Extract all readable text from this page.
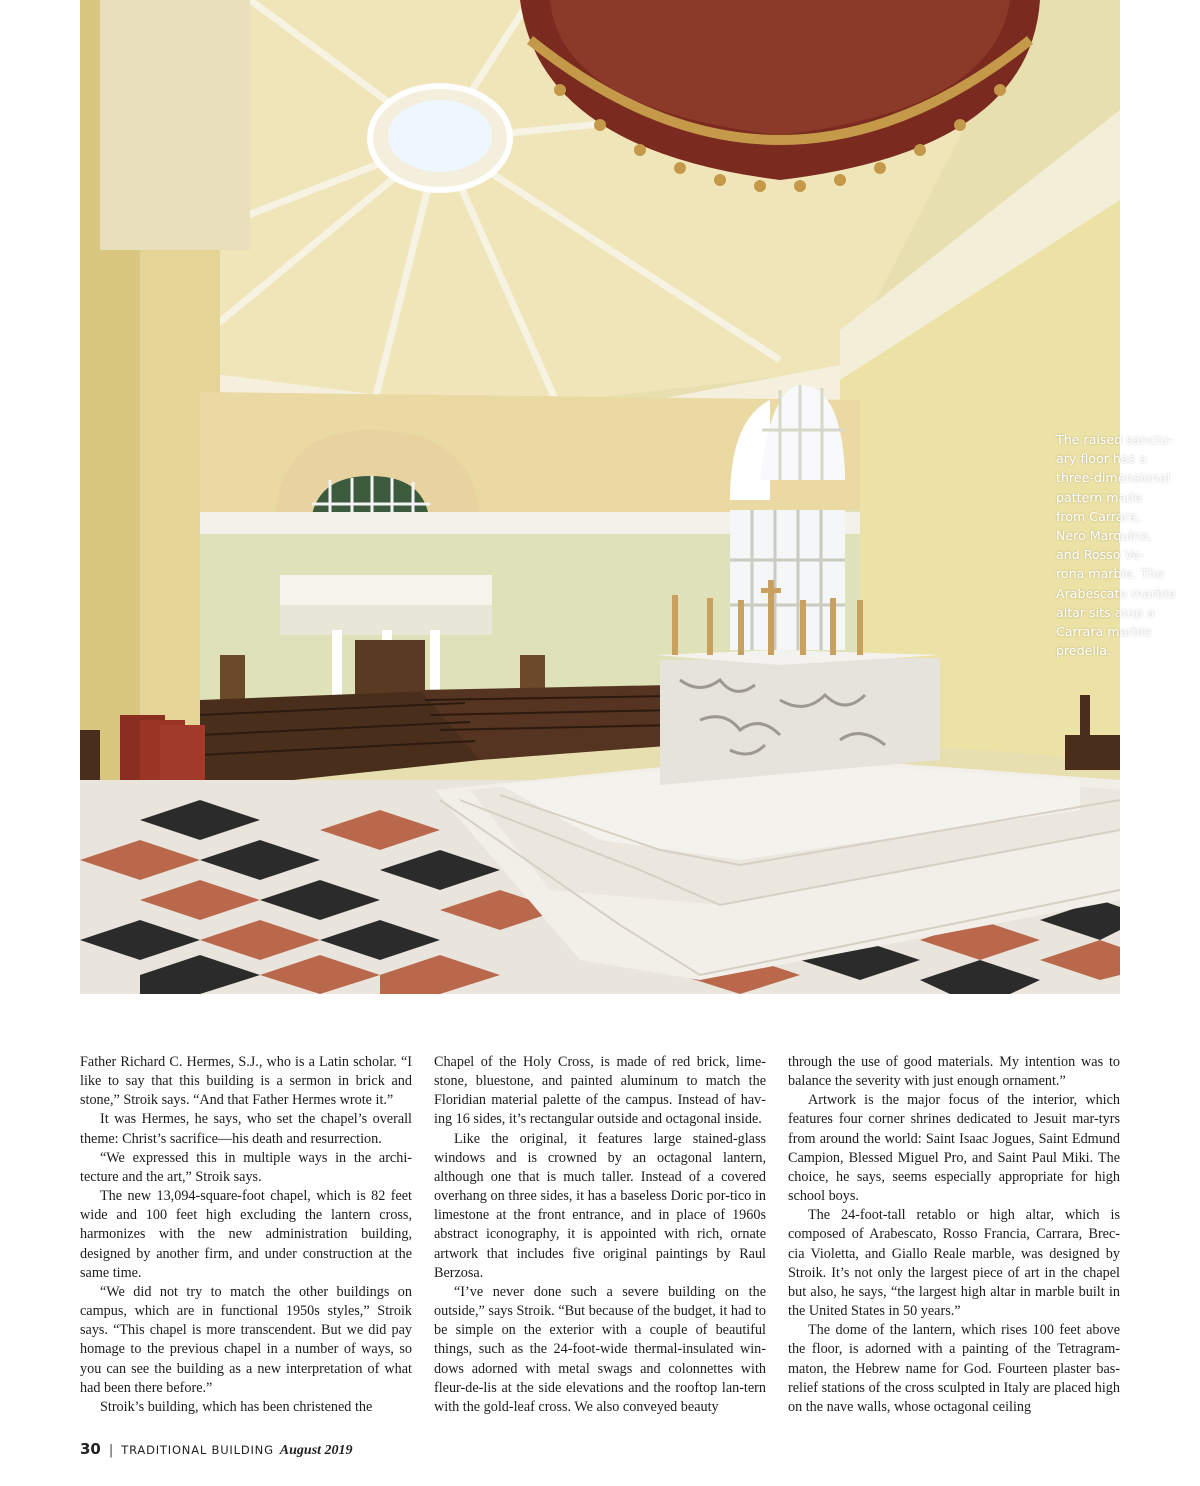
The raised sanctu-
ary floor has a
three-dimensional
pattern made
from Carrara,
Nero Marquina,
and Rosso Ve-
rona marble. The
Arabescato marble
altar sits atop a
Carrara marble
predella.

Father Richard C. Hermes, S.J., who is a Latin scholar. “I like to say that this building is a sermon in brick and stone,” Stroik says. “And that Father Hermes wrote it.”

It was Hermes, he says, who set the chapel’s overall theme: Christ’s sacrifice—his death and resurrection.

“We expressed this in multiple ways in the archi-tecture and the art,” Stroik says.

The new 13,094-square-foot chapel, which is 82 feet wide and 100 feet high excluding the lantern cross, harmonizes with the new administration building, designed by another firm, and under construction at the same time.

“We did not try to match the other buildings on campus, which are in functional 1950s styles,” Stroik says. “This chapel is more transcendent. But we did pay homage to the previous chapel in a number of ways, so you can see the building as a new interpretation of what had been there before.”

Stroik’s building, which has been christened the

Chapel of the Holy Cross, is made of red brick, lime-stone, bluestone, and painted aluminum to match the Floridian material palette of the campus. Instead of hav-ing 16 sides, it’s rectangular outside and octagonal inside.

Like the original, it features large stained-glass windows and is crowned by an octagonal lantern, although one that is much taller. Instead of a covered overhang on three sides, it has a baseless Doric por-tico in limestone at the front entrance, and in place of 1960s abstract iconography, it is appointed with rich, ornate artwork that includes five original paintings by Raul Berzosa.

“I’ve never done such a severe building on the outside,” says Stroik. “But because of the budget, it had to be simple on the exterior with a couple of beautiful things, such as the 24-foot-wide thermal-insulated win-dows adorned with metal swags and colonnettes with fleur-de-lis at the side elevations and the rooftop lan-tern with the gold-leaf cross. We also conveyed beauty

through the use of good materials. My intention was to balance the severity with just enough ornament.”

Artwork is the major focus of the interior, which features four corner shrines dedicated to Jesuit mar-tyrs from around the world: Saint Isaac Jogues, Saint Edmund Campion, Blessed Miguel Pro, and Saint Paul Miki. The choice, he says, seems especially appropriate for high school boys.

The 24-foot-tall retablo or high altar, which is composed of Arabescato, Rosso Francia, Carrara, Brec-cia Violetta, and Giallo Reale marble, was designed by Stroik. It’s not only the largest piece of art in the chapel but also, he says, “the largest high altar in marble built in the United States in 50 years.”

The dome of the lantern, which rises 100 feet above the floor, is adorned with a painting of the Tetragram-maton, the Hebrew name for God. Fourteen plaster bas-relief stations of the cross sculpted in Italy are placed high on the nave walls, whose octagonal ceiling

30 | TRADITIONAL BUILDING August 2019
